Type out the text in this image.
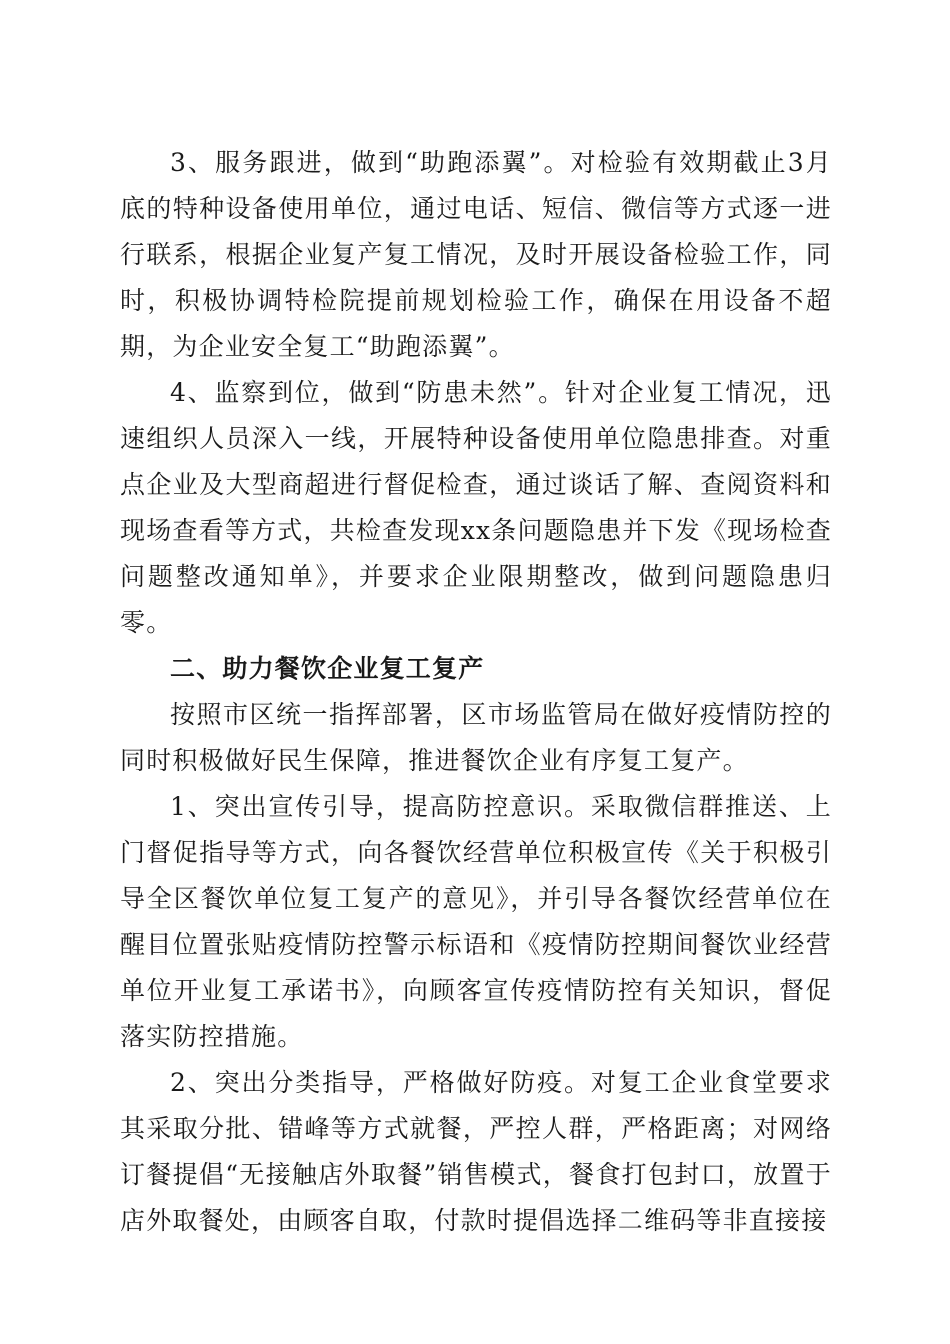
3、服务跟进，做到“助跑添翼”。对检验有效期截止3月底的特种设备使用单位，通过电话、短信、微信等方式逐一进行联系，根据企业复产复工情况，及时开展设备检验工作，同时，积极协调特检院提前规划检验工作，确保在用设备不超期，为企业安全复工“助跑添翼”。

4、监察到位，做到“防患未然”。针对企业复工情况，迅速组织人员深入一线，开展特种设备使用单位隐患排查。对重点企业及大型商超进行督促检查，通过谈话了解、查阅资料和现场查看等方式，共检查发现xx条问题隐患并下发《现场检查问题整改通知单》，并要求企业限期整改，做到问题隐患归零。

二、助力餐饮企业复工复产

按照市区统一指挥部署，区市场监管局在做好疫情防控的同时积极做好民生保障，推进餐饮企业有序复工复产。

1、突出宣传引导，提高防控意识。采取微信群推送、上门督促指导等方式，向各餐饮经营单位积极宣传《关于积极引导全区餐饮单位复工复产的意见》，并引导各餐饮经营单位在醒目位置张贴疫情防控警示标语和《疫情防控期间餐饮业经营单位开业复工承诺书》，向顾客宣传疫情防控有关知识，督促落实防控措施。

2、突出分类指导，严格做好防疫。对复工企业食堂要求其采取分批、错峰等方式就餐，严控人群，严格距离；对网络订餐提倡“无接触店外取餐”销售模式，餐食打包封口，放置于店外取餐处，由顾客自取，付款时提倡选择二维码等非直接接
